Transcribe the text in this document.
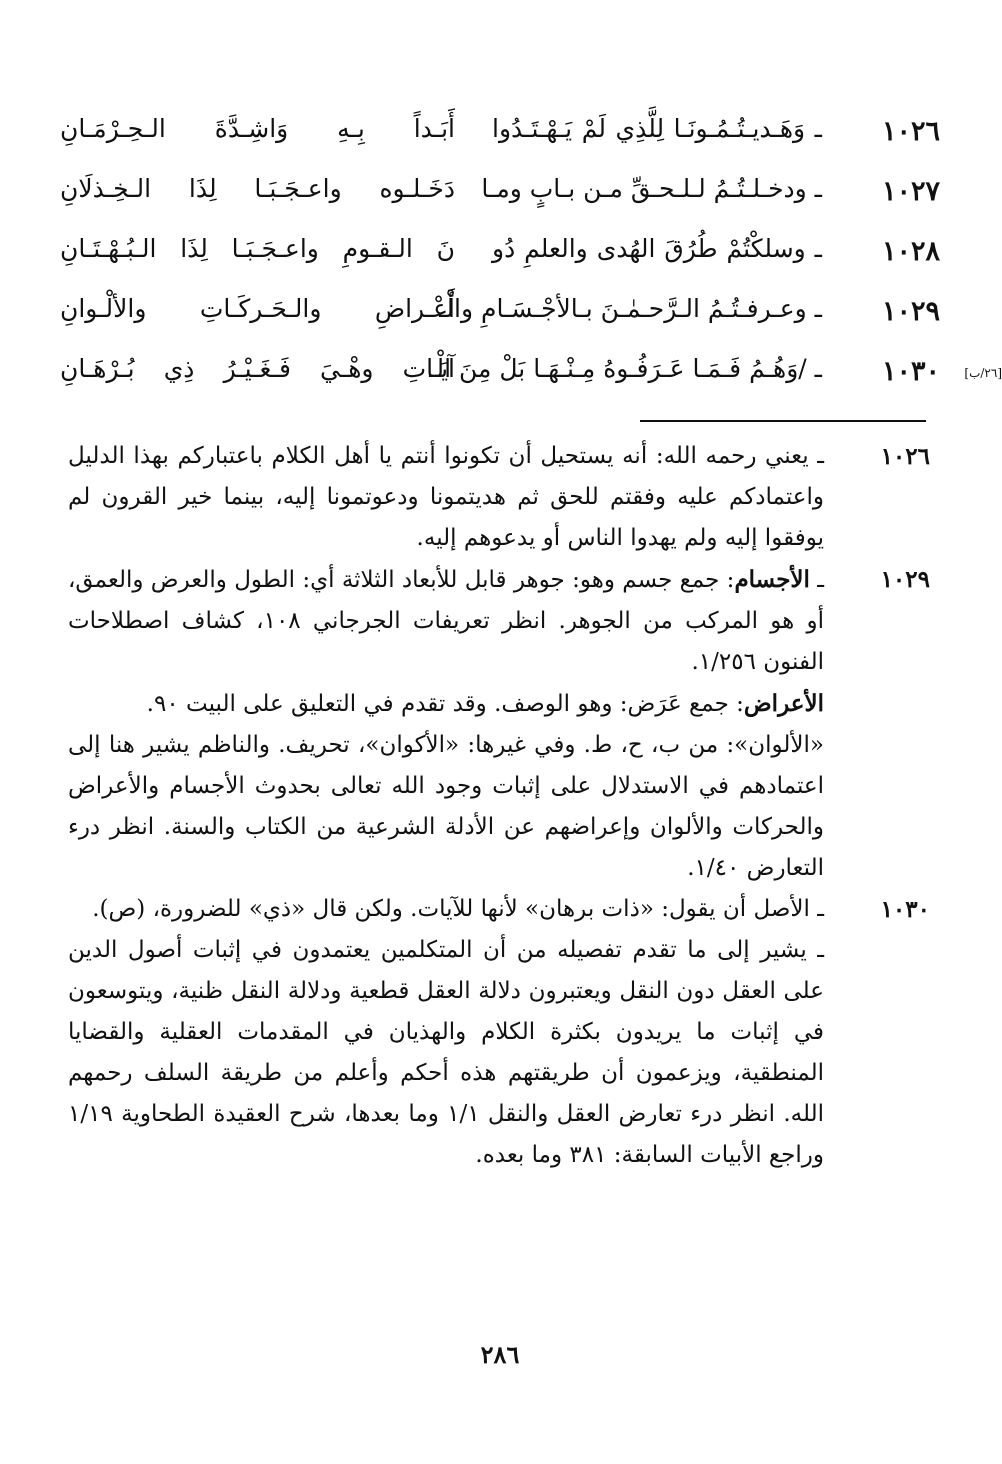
١٠٢٦
ـ وَهَـديـتُـمُـونَـا لِلَّذِي لَمْ يَـهْـتَـدُوا
أَبَـداً بِـهِ وَاشِـدَّةَ الـحِـرْمَـانِ
١٠٢٧
ـ ودخـلـتُـمُ لـلـحـقِّ مـن بـابٍ ومـا
دَخَـلـوه واعـجَـبَـا لِذَا الـخِـذلَانِ
١٠٢٨
ـ وسلكْتُمْ طُرُقَ الهُدى والعلمِ دُو
نَ الـقـومِ واعـجَـبَـا لِذَا الـبُـهْـتَـانِ
١٠٢٩
ـ وعـرفـتُـمُ الـرَّحـمٰـنَ بـالأجْـسَـامِ والْـ
أَعْـراضِ والـحَـركَـاتِ والألْـوانِ
[٢٦/ب]
١٠٣٠
ـ /وَهُـمُ فَـمَـا عَـرَفُـوهُ مِـنْـهَـا بَلْ مِنَ الْـ
آيَـاتِ وهْـيَ فَـغَـيْـرُ ذِي بُـرْهَـانِ
١٠٢٦
ـ يعني رحمه الله: أنه يستحيل أن تكونوا أنتم يا أهل الكلام باعتباركم بهذا الدليل واعتمادكم عليه وفقتم للحق ثم هديتمونا ودعوتمونا إليه، بينما خير القرون لم يوفقوا إليه ولم يهدوا الناس أو يدعوهم إليه.
١٠٢٩
ـ الأجسام: جمع جسم وهو: جوهر قابل للأبعاد الثلاثة أي: الطول والعرض والعمق، أو هو المركب من الجوهر. انظر تعريفات الجرجاني ١٠٨، كشاف اصطلاحات الفنون ١/٢٥٦.
الأعراض: جمع عَرَض: وهو الوصف. وقد تقدم في التعليق على البيت ٩٠.
«الألوان»: من ب، ح، ط. وفي غيرها: «الأكوان»، تحريف. والناظم يشير هنا إلى اعتمادهم في الاستدلال على إثبات وجود الله تعالى بحدوث الأجسام والأعراض والحركات والألوان وإعراضهم عن الأدلة الشرعية من الكتاب والسنة. انظر درء التعارض ١/٤٠.
١٠٣٠
ـ الأصل أن يقول: «ذات برهان» لأنها للآيات. ولكن قال «ذي» للضرورة، (ص).
ـ يشير إلى ما تقدم تفصيله من أن المتكلمين يعتمدون في إثبات أصول الدين على العقل دون النقل ويعتبرون دلالة العقل قطعية ودلالة النقل ظنية، ويتوسعون في إثبات ما يريدون بكثرة الكلام والهذيان في المقدمات العقلية والقضايا المنطقية، ويزعمون أن طريقتهم هذه أحكم وأعلم من طريقة السلف رحمهم الله. انظر درء تعارض العقل والنقل ١/١ وما بعدها، شرح العقيدة الطحاوية ١/١٩ وراجع الأبيات السابقة: ٣٨١ وما بعده.
٢٨٦
